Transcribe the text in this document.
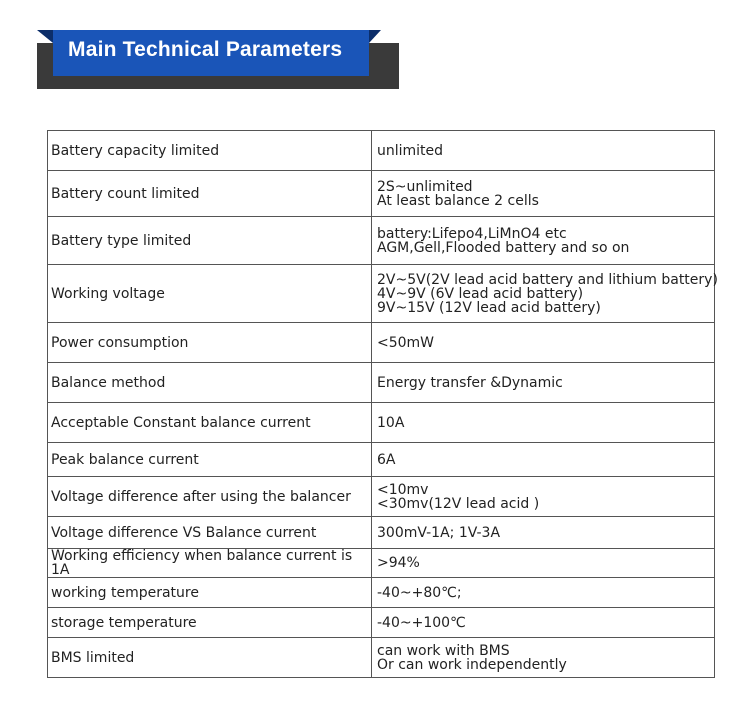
Main Technical Parameters
Battery capacity limited	unlimited

Battery count limited	2S~unlimited
At least balance 2 cells

Battery type limited	battery:Lifepo4,LiMnO4 etc
AGM,Gell,Flooded battery and so on

Working voltage	2V~5V(2V lead acid battery and lithium battery)
4V~9V (6V lead acid battery)
9V~15V (12V lead acid battery)

Power consumption	<50mW

Balance method	Energy transfer &Dynamic

Acceptable Constant balance current	10A

Peak balance current	6A

Voltage difference after using the balancer	<10mv
<30mv(12V lead acid )

Voltage difference VS Balance current	300mV-1A; 1V-3A

Working efficiency when balance current is 1A	>94%

working temperature	-40~+80℃;

storage temperature	-40~+100℃

BMS limited	can work with BMS
Or can work independently
